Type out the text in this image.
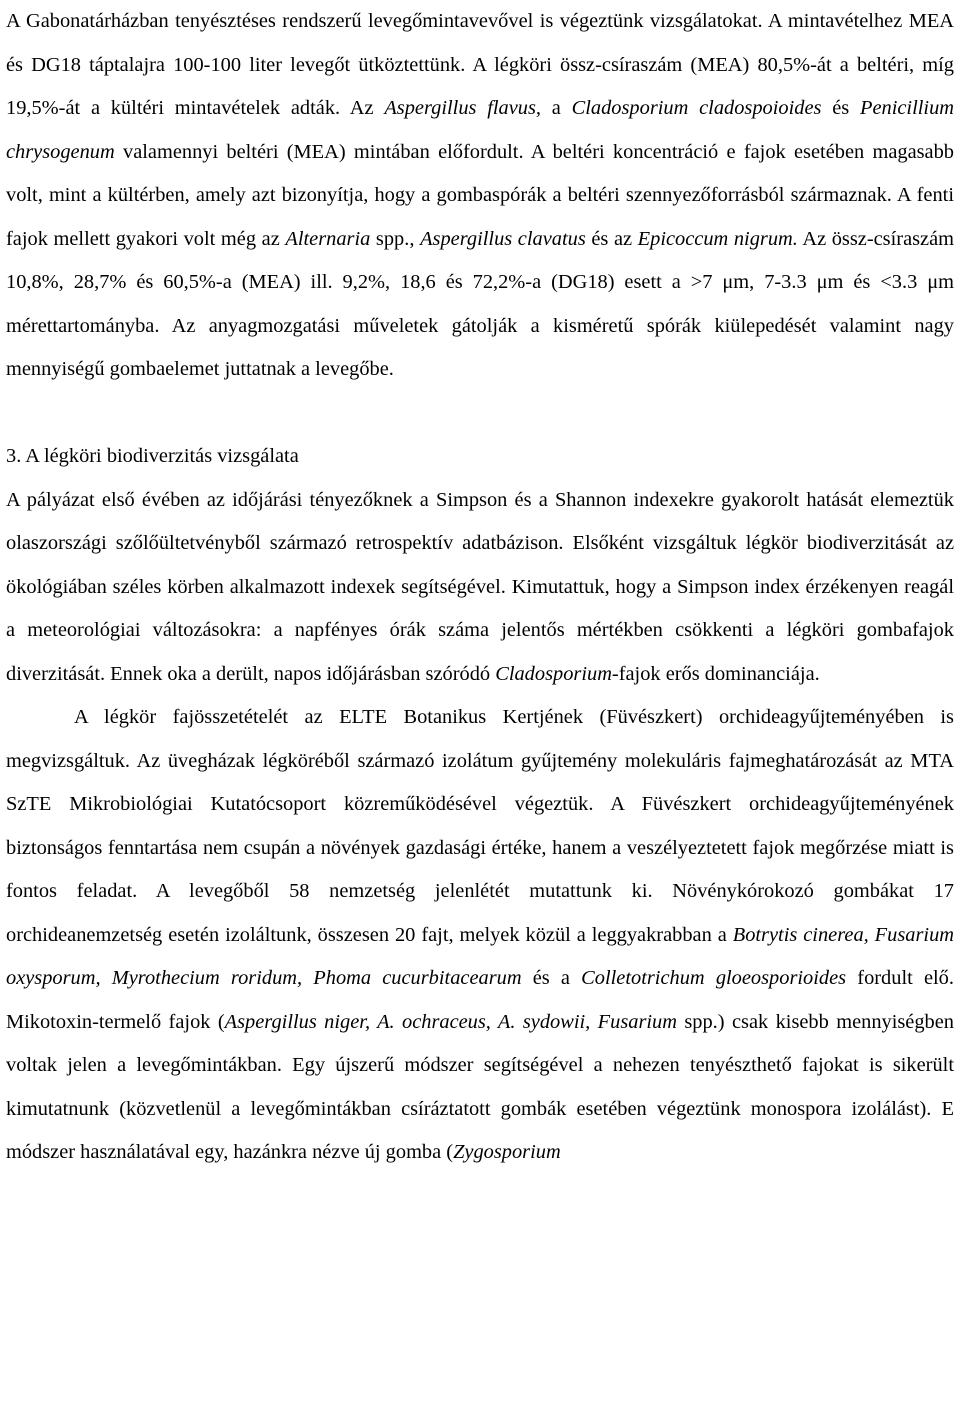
A Gabonatárházban tenyésztéses rendszerű levegőmintavevővel is végeztünk vizsgálatokat. A mintavételhez MEA és DG18 táptalajra 100-100 liter levegőt ütköztettünk. A légköri össz-csíraszám (MEA) 80,5%-át a beltéri, míg 19,5%-át a kültéri mintavételek adták. Az Aspergillus flavus, a Cladosporium cladospoioides és Penicillium chrysogenum valamennyi beltéri (MEA) mintában előfordult. A beltéri koncentráció e fajok esetében magasabb volt, mint a kültérben, amely azt bizonyítja, hogy a gombaspórák a beltéri szennyezőforrásból származnak. A fenti fajok mellett gyakori volt még az Alternaria spp., Aspergillus clavatus és az Epicoccum nigrum. Az össz-csíraszám 10,8%, 28,7% és 60,5%-a (MEA) ill. 9,2%, 18,6 és 72,2%-a (DG18) esett a >7 μm, 7-3.3 μm és <3.3 μm mérettartományba. Az anyagmozgatási műveletek gátolják a kisméretű spórák kiülepedését valamint nagy mennyiségű gombaelemet juttatnak a levegőbe.

3. A légköri biodiverzitás vizsgálata

A pályázat első évében az időjárási tényezőknek a Simpson és a Shannon indexekre gyakorolt hatását elemeztük olaszországi szőlőültetvényből származó retrospektív adatbázison. Elsőként vizsgáltuk légkör biodiverzitását az ökológiában széles körben alkalmazott indexek segítségével. Kimutattuk, hogy a Simpson index érzékenyen reagál a meteorológiai változásokra: a napfényes órák száma jelentős mértékben csökkenti a légköri gombafajok diverzitását. Ennek oka a derült, napos időjárásban szóródó Cladosporium-fajok erős dominanciája.

A légkör fajösszetételét az ELTE Botanikus Kertjének (Füvészkert) orchideagyűjteményében is megvizsgáltuk. Az üvegházak légköréből származó izolátum gyűjtemény molekuláris fajmeghatározását az MTA SzTE Mikrobiológiai Kutatócsoport közreműködésével végeztük. A Füvészkert orchideagyűjteményének biztonságos fenntartása nem csupán a növények gazdasági értéke, hanem a veszélyeztetett fajok megőrzése miatt is fontos feladat. A levegőből 58 nemzetség jelenlétét mutattunk ki. Növénykórokozó gombákat 17 orchideanemzetség esetén izoláltunk, összesen 20 fajt, melyek közül a leggyakrabban a Botrytis cinerea, Fusarium oxysporum, Myrothecium roridum, Phoma cucurbitacearum és a Colletotrichum gloeosporioides fordult elő. Mikotoxin-termelő fajok (Aspergillus niger, A. ochraceus, A. sydowii, Fusarium spp.) csak kisebb mennyiségben voltak jelen a levegőmintákban. Egy újszerű módszer segítségével a nehezen tenyészthető fajokat is sikerült kimutatnunk (közvetlenül a levegőmintákban csíráztatott gombák esetében végeztünk monospora izolálást). E módszer használatával egy, hazánkra nézve új gomba (Zygosporium
